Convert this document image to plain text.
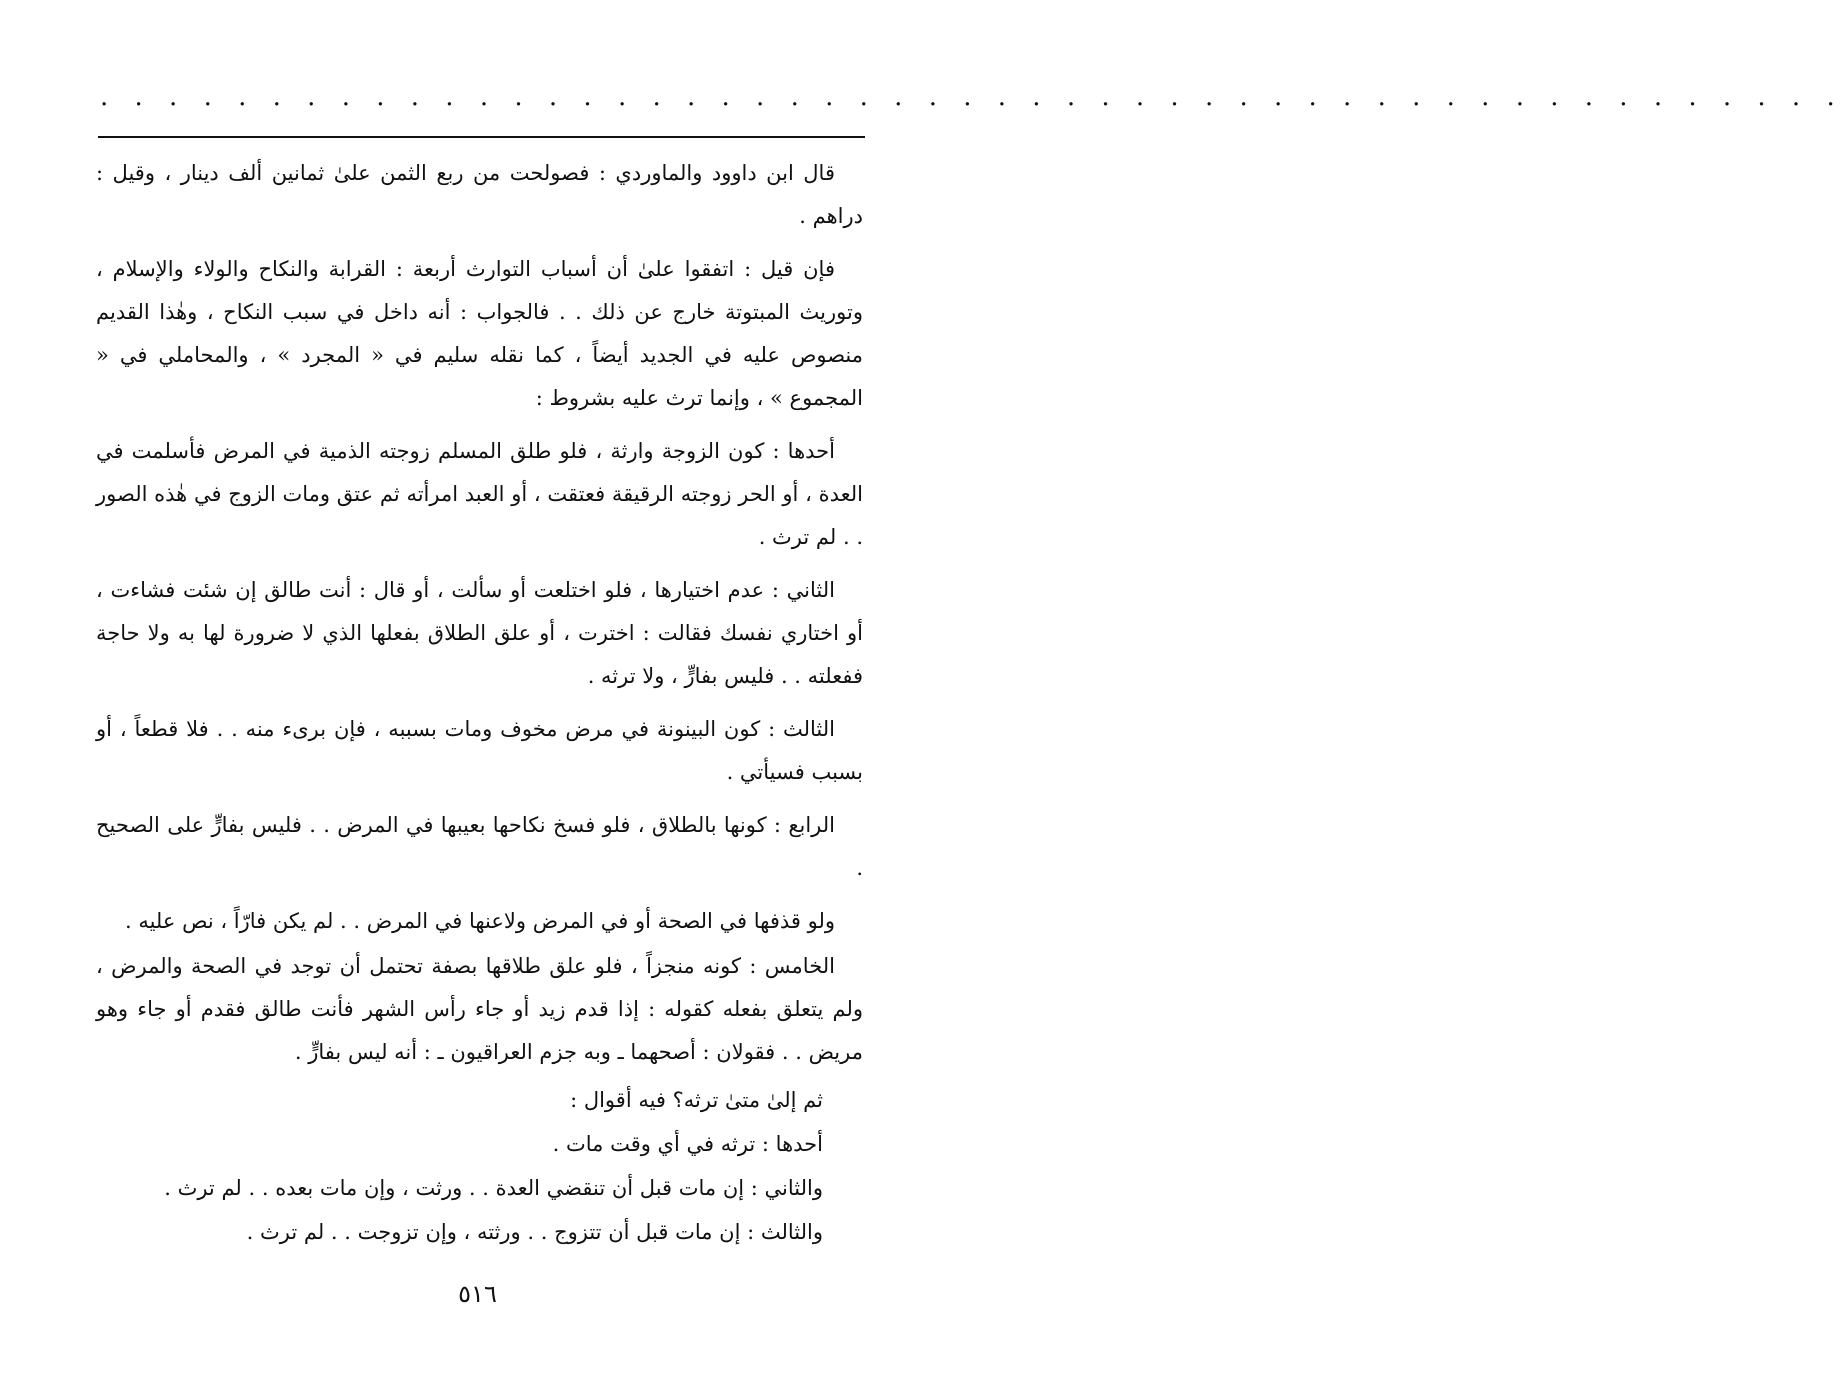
. . . . . . . . . . . . . . . . . . . . . . . . . . . . . . . . . . . . . . . . . . . . . . . . . . .

قال ابن داوود والماوردي : فصولحت من ربع الثمن علىٰ ثمانين ألف دينار ، وقيل : دراهم .

فإن قيل : اتفقوا علىٰ أن أسباب التوارث أربعة : القرابة والنكاح والولاء والإسلام ، وتوريث المبتوتة خارج عن ذلك . . فالجواب : أنه داخل في سبب النكاح ، وهٰذا القديم منصوص عليه في الجديد أيضاً ، كما نقله سليم في « المجرد » ، والمحاملي في « المجموع » ، وإنما ترث عليه بشروط :

أحدها : كون الزوجة وارثة ، فلو طلق المسلم زوجته الذمية في المرض فأسلمت في العدة ، أو الحر زوجته الرقيقة فعتقت ، أو العبد امرأته ثم عتق ومات الزوج في هٰذه الصور . . لم ترث .

الثاني : عدم اختيارها ، فلو اختلعت أو سألت ، أو قال : أنت طالق إن شئت فشاءت ، أو اختاري نفسك فقالت : اخترت ، أو علق الطلاق بفعلها الذي لا ضرورة لها به ولا حاجة ففعلته . . فليس بفارٍّ ، ولا ترثه .

الثالث : كون البينونة في مرض مخوف ومات بسببه ، فإن برىء منه . . فلا قطعاً ، أو بسبب فسيأتي .

الرابع : كونها بالطلاق ، فلو فسخ نكاحها بعيبها في المرض . . فليس بفارٍّ على الصحيح .

ولو قذفها في الصحة أو في المرض ولاعنها في المرض . . لم يكن فارّاً ، نص عليه .

الخامس : كونه منجزاً ، فلو علق طلاقها بصفة تحتمل أن توجد في الصحة والمرض ، ولم يتعلق بفعله كقوله : إذا قدم زيد أو جاء رأس الشهر فأنت طالق فقدم أو جاء وهو مريض . . فقولان : أصحهما ـ وبه جزم العراقيون ـ : أنه ليس بفارٍّ .

ثم إلىٰ متىٰ ترثه؟ فيه أقوال :

أحدها : ترثه في أي وقت مات .

والثاني : إن مات قبل أن تنقضي العدة . . ورثت ، وإن مات بعده . . لم ترث .

والثالث : إن مات قبل أن تتزوج . . ورثته ، وإن تزوجت . . لم ترث .

٥١٦
